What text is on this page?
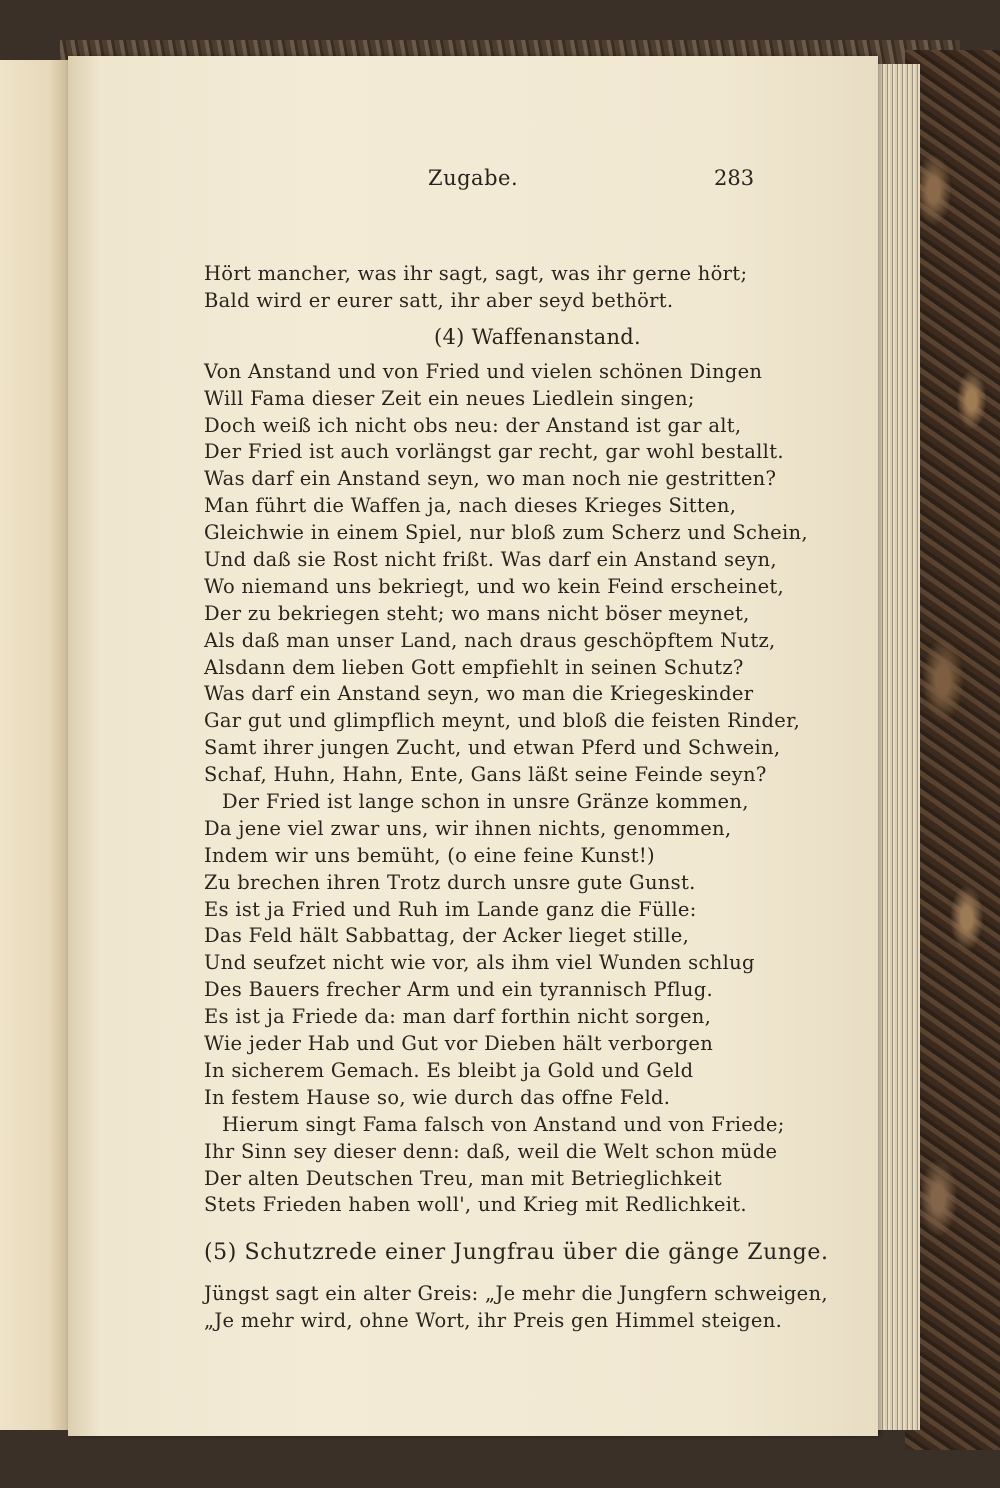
Zugabe.	283
Hört mancher, was ihr sagt, sagt, was ihr gerne hört;
Bald wird er eurer satt, ihr aber seyd bethört.
(4) Waffenanstand.
Von Anstand und von Fried und vielen schönen Dingen
Will Fama dieser Zeit ein neues Liedlein singen;
Doch weiß ich nicht obs neu: der Anstand ist gar alt,
Der Fried ist auch vorlängst gar recht, gar wohl bestallt.
Was darf ein Anstand seyn, wo man noch nie gestritten?
Man führt die Waffen ja, nach dieses Krieges Sitten,
Gleichwie in einem Spiel, nur bloß zum Scherz und Schein,
Und daß sie Rost nicht frißt. Was darf ein Anstand seyn,
Wo niemand uns bekriegt, und wo kein Feind erscheinet,
Der zu bekriegen steht; wo mans nicht böser meynet,
Als daß man unser Land, nach draus geschöpftem Nutz,
Alsdann dem lieben Gott empfiehlt in seinen Schutz?
Was darf ein Anstand seyn, wo man die Kriegeskinder
Gar gut und glimpflich meynt, und bloß die feisten Rinder,
Samt ihrer jungen Zucht, und etwan Pferd und Schwein,
Schaf, Huhn, Hahn, Ente, Gans läßt seine Feinde seyn?
Der Fried ist lange schon in unsre Gränze kommen,
Da jene viel zwar uns, wir ihnen nichts, genommen,
Indem wir uns bemüht, (o eine feine Kunst!)
Zu brechen ihren Trotz durch unsre gute Gunst.
Es ist ja Fried und Ruh im Lande ganz die Fülle:
Das Feld hält Sabbattag, der Acker lieget stille,
Und seufzet nicht wie vor, als ihm viel Wunden schlug
Des Bauers frecher Arm und ein tyrannisch Pflug.
Es ist ja Friede da: man darf forthin nicht sorgen,
Wie jeder Hab und Gut vor Dieben hält verborgen
In sicherem Gemach. Es bleibt ja Gold und Geld
In festem Hause so, wie durch das offne Feld.
Hierum singt Fama falsch von Anstand und von Friede;
Ihr Sinn sey dieser denn: daß, weil die Welt schon müde
Der alten Deutschen Treu, man mit Betrieglichkeit
Stets Frieden haben woll', und Krieg mit Redlichkeit.
(5) Schutzrede einer Jungfrau über die gänge Zunge.
Jüngst sagt ein alter Greis: „Je mehr die Jungfern schweigen,
„Je mehr wird, ohne Wort, ihr Preis gen Himmel steigen.
